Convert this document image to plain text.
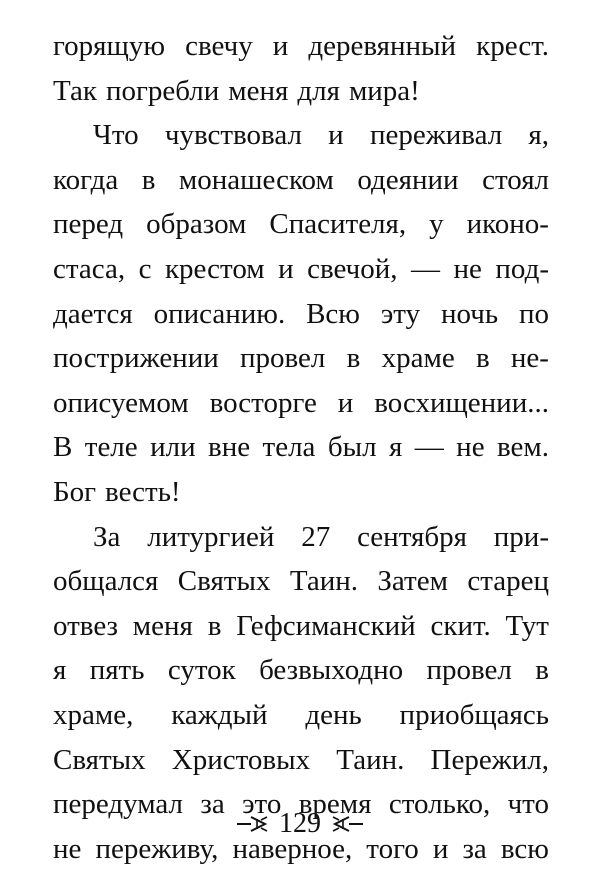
горящую свечу и деревянный крест.
Так погребли меня для мира!
Что чувствовал и переживал я,
когда в монашеском одеянии стоял
перед образом Спасителя, у иконо-
стаса, с крестом и свечой, — не под-
дается описанию. Всю эту ночь по
пострижении провел в храме в не-
описуемом восторге и восхищении...
В теле или вне тела был я — не вем.
Бог весть!
За литургией 27 сентября при-
общался Святых Таин. Затем старец
отвез меня в Гефсиманский скит. Тут
я пять суток безвыходно провел в
храме, каждый день приобщаясь
Святых Христовых Таин. Пережил,
передумал за это время столько, что
не переживу, наверное, того и за всю
129
